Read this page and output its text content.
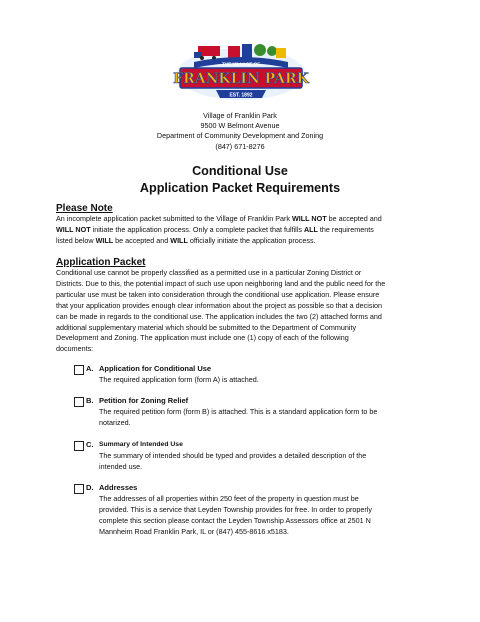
THE VILLAGE OF
FRANKLIN PARK
EST. 1892
Village of Franklin Park
9500 W Belmont Avenue
Department of Community Development and Zoning
(847) 671-8276
Conditional Use
Application Packet Requirements
Please Note
An incomplete application packet submitted to the Village of Franklin Park WILL NOT be accepted and
WILL NOT initiate the application process. Only a complete packet that fulfills ALL the requirements
listed below WILL be accepted and WILL officially initiate the application process.
Application Packet
Conditional use cannot be properly classified as a permitted use in a particular Zoning District or
Districts. Due to this, the potential impact of such use upon neighboring land and the public need for the
particular use must be taken into consideration through the conditional use application. Please ensure
that your application provides enough clear information about the project as possible so that a decision
can be made in regards to the conditional use. The application includes the two (2) attached forms and
additional supplementary material which should be submitted to the Department of Community
Development and Zoning. The application must include one (1) copy of each of the following
documents:
A. Application for Conditional Use
The required application form (form A) is attached.
B. Petition for Zoning Relief
The required petition form (form B) is attached. This is a standard application form to be
notarized.
C. Summary of Intended Use
The summary of intended should be typed and provides a detailed description of the
intended use.
D. Addresses
The addresses of all properties within 250 feet of the property in question must be
provided. This is a service that Leyden Township provides for free. In order to properly
complete this section please contact the Leyden Township Assessors office at 2501 N
Mannheim Road Franklin Park, IL or (847) 455-8616 x5183.
